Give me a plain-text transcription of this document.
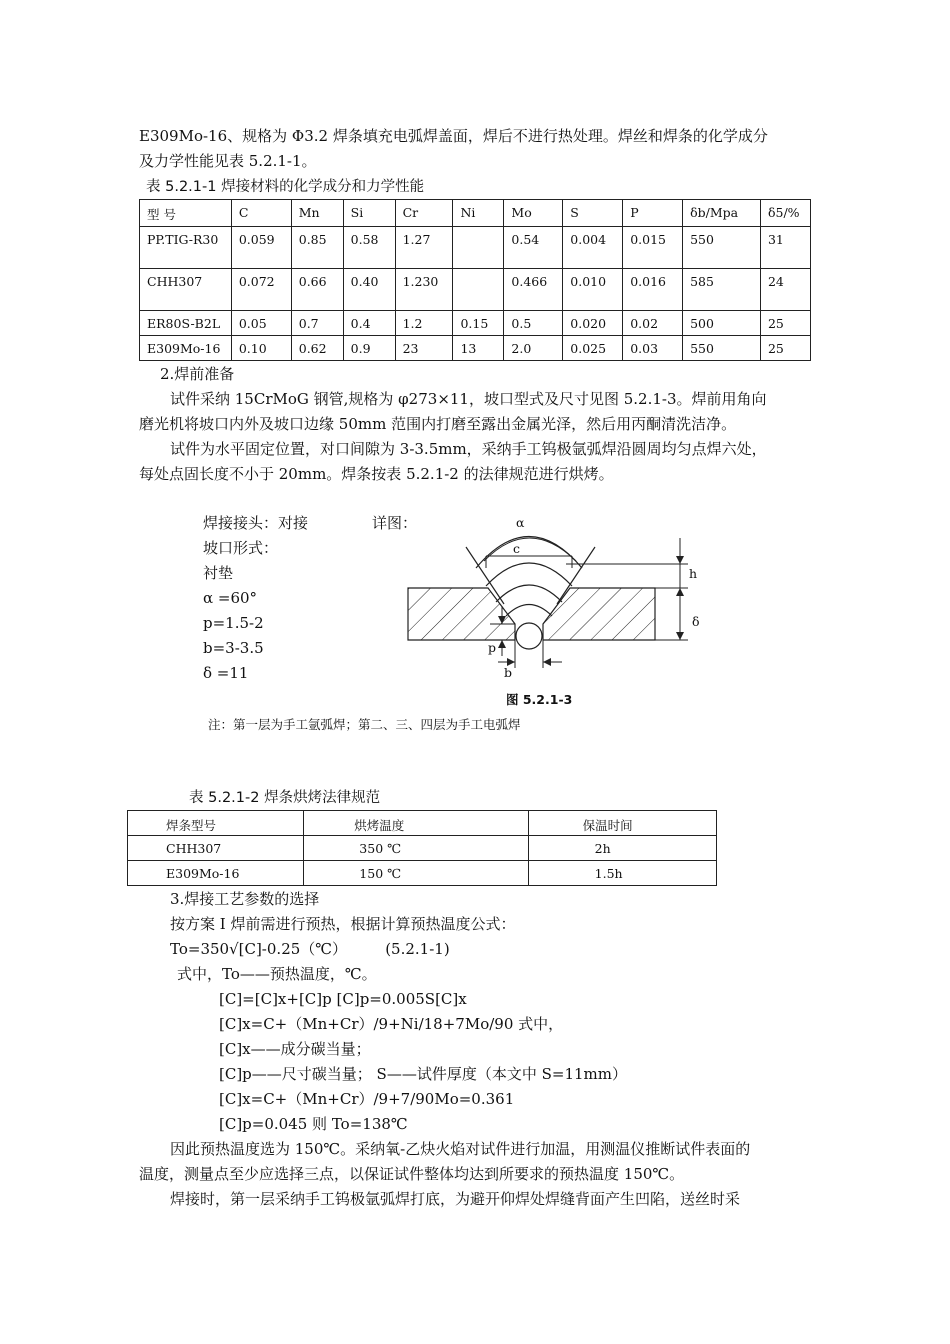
E309Mo-16、规格为 Φ3.2 焊条填充电弧焊盖面，焊后不进行热处理。焊丝和焊条的化学成分
及力学性能见表 5.2.1-1。
表 5.2.1-1 焊接材料的化学成分和力学性能
型 号	C	Mn	Si	Cr	Ni	Mo	S	P	δb/Mpa	δ5/%
PP.TIG-R30	0.059	0.85	0.58	1.27		0.54	0.004	0.015	550	31
CHH307	0.072	0.66	0.40	1.230		0.466	0.010	0.016	585	24
ER80S-B2L	0.05	0.7	0.4	1.2	0.15	0.5	0.020	0.02	500	25
E309Mo-16	0.10	0.62	0.9	23	13	2.0	0.025	0.03	550	25
2.焊前准备
试件采纳 15CrMoG 钢管,规格为 φ273×11，坡口型式及尺寸见图 5.2.1-3。焊前用角向
磨光机将坡口内外及坡口边缘 50mm 范围内打磨至露出金属光泽，然后用丙酮清洗洁净。
试件为水平固定位置，对口间隙为 3-3.5mm，采纳手工钨极氩弧焊沿圆周均匀点焊六处，
每处点固长度不小于 20mm。焊条按表 5.2.1-2 的法律规范进行烘烤。
焊接接头：对接	详图：
坡口形式：
衬垫
α =60°
p=1.5-2
b=3-3.5
δ =11
α
c
h
δ
p
b
图 5.2.1-3
注：第一层为手工氩弧焊；第二、三、四层为手工电弧焊
表 5.2.1-2 焊条烘烤法律规范
焊条型号	烘烤温度	保温时间
CHH307	350 ℃	2h
E309Mo-16	150 ℃	1.5h
3.焊接工艺参数的选择
按方案 I 焊前需进行预热，根据计算预热温度公式：
To=350√[C]-0.25（℃）        (5.2.1-1)
式中，To——预热温度，℃。
[C]=[C]x+[C]p [C]p=0.005S[C]x
[C]x=C+（Mn+Cr）/9+Ni/18+7Mo/90 式中，
[C]x——成分碳当量；
[C]p——尺寸碳当量； S——试件厚度（本文中 S=11mm）
[C]x=C+（Mn+Cr）/9+7/90Mo=0.361
[C]p=0.045 则 To=138℃
因此预热温度选为 150℃。采纳氧-乙炔火焰对试件进行加温，用测温仪推断试件表面的
温度，测量点至少应选择三点，以保证试件整体均达到所要求的预热温度 150℃。
焊接时，第一层采纳手工钨极氩弧焊打底，为避开仰焊处焊缝背面产生凹陷，送丝时采
